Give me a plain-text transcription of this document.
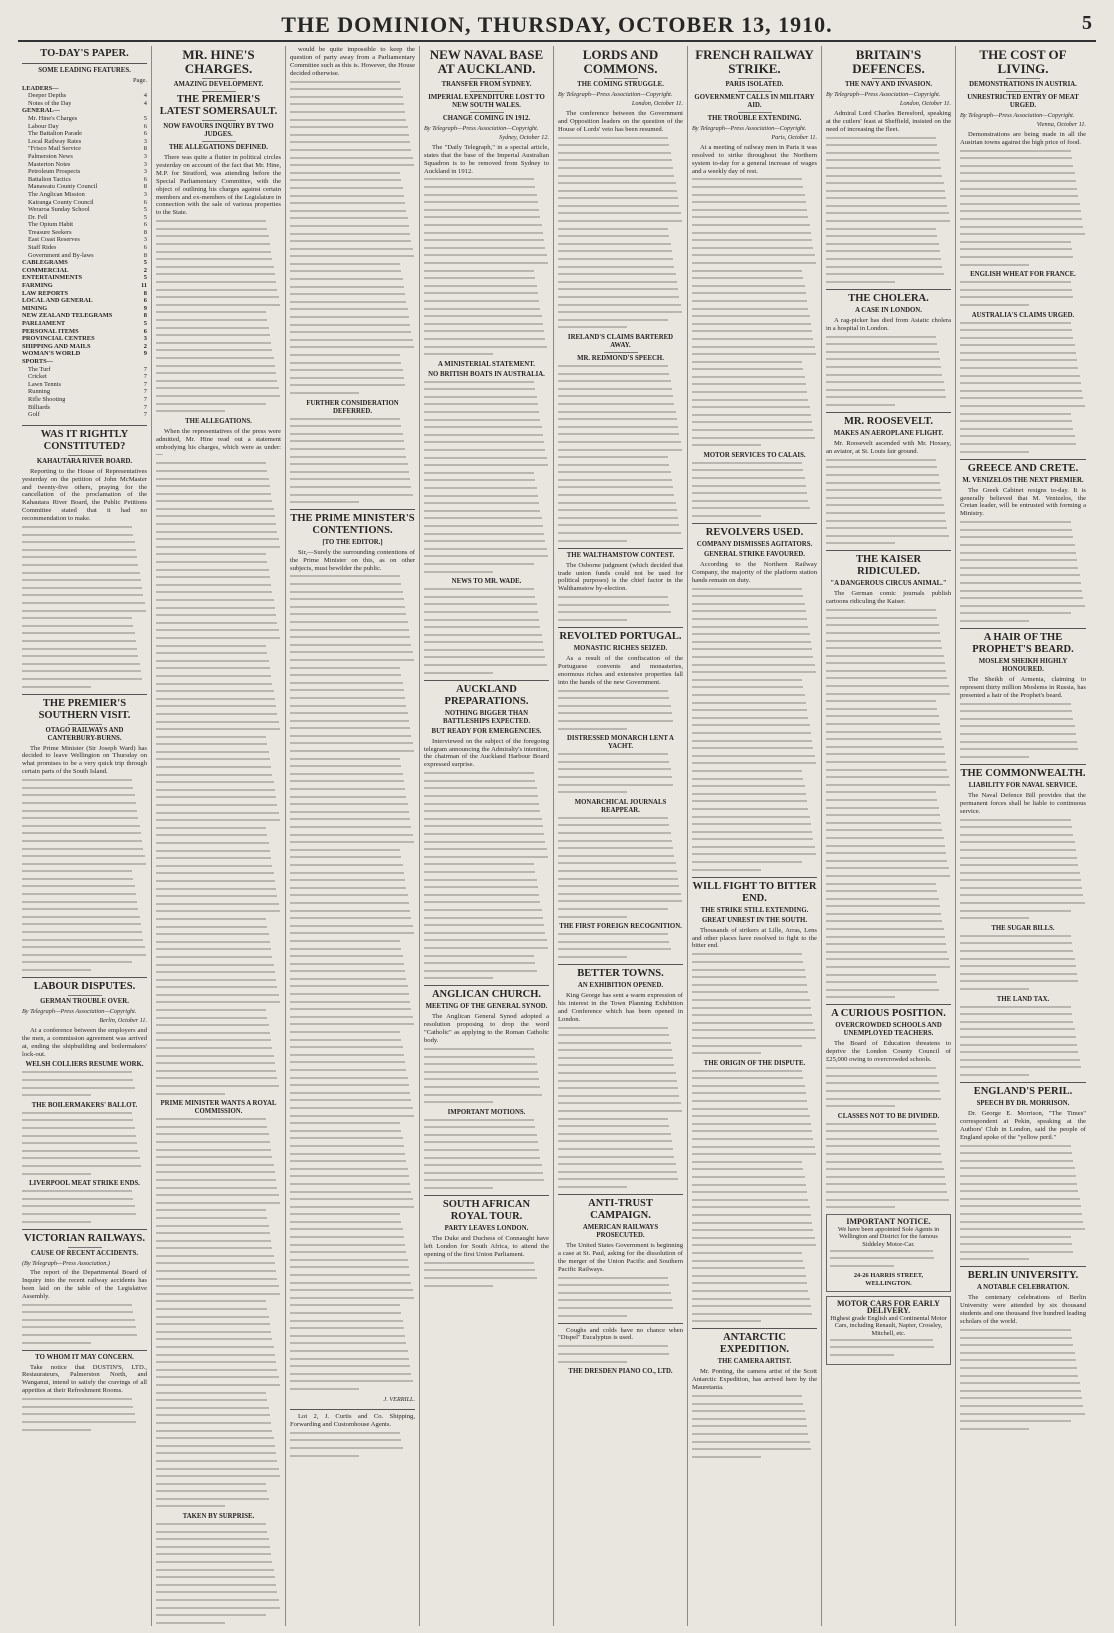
THE DOMINION, THURSDAY, OCTOBER 13, 1910.	5
TO-DAY'S PAPER.
SOME LEADING FEATURES.
Page.
LEADERS—
Deeper Depths	4
Notes of the Day	4
GENERAL—
Mr. Hine's Charges	5
Labour Day	6
The Battalion Parade	6
Local Railway Rates	3
"Frisco Mail Service	8
Palmerston News	3
Masterton Notes	3
Petroleum Prospects	3
Battalion Tactics	6
Manawatu County Council	8
The Anglican Mission	3
Kairanga County Council	6
Weraroa Sunday School	5
Dr. Fell	5
The Opium Habit	6
Treasure Seekers	8
East Coast Reserves	3
Staff Rides	6
Government and By-laws	8
CABLEGRAMS	5
COMMERCIAL	2
ENTERTAINMENTS	5
FARMING	11
LAW REPORTS	8
LOCAL AND GENERAL	6
MINING	9
NEW ZEALAND TELEGRAMS	8
PARLIAMENT	5
PERSONAL ITEMS	6
PROVINCIAL CENTRES	3
SHIPPING AND MAILS	2
WOMAN'S WORLD	9
SPORTS—
The Turf	7
Cricket	7
Lawn Tennis	7
Running	7
Rifle Shooting	7
Billiards	7
Golf	7
WAS IT RIGHTLY CONSTITUTED?
KAHAUTARA RIVER BOARD.
Reporting to the House of Representatives yesterday on the petition of John McMaster and twenty-five others, praying for the cancellation of the proclamation of the Kahautara River Board, the Public Petitions Committee stated that it had no recommendation to make.
THE PREMIER'S SOUTHERN VISIT.
OTAGO RAILWAYS AND CANTERBURY-BURNS.
The Prime Minister (Sir Joseph Ward) has decided to leave Wellington on Thursday on what promises to be a very quick trip through certain parts of the South Island.
LABOUR DISPUTES.
GERMAN TROUBLE OVER.
By Telegraph—Press Association—Copyright.
Berlin, October 11.
At a conference between the employers and the men, a commission agreement was arrived at, ending the shipbuilding and boilermakers' lock-out.
WELSH COLLIERS RESUME WORK.
THE BOILERMAKERS' BALLOT.
LIVERPOOL MEAT STRIKE ENDS.
VICTORIAN RAILWAYS.
CAUSE OF RECENT ACCIDENTS.
(By Telegraph—Press Association.)
The report of the Departmental Board of Inquiry into the recent railway accidents has been laid on the table of the Legislative Assembly.
TO WHOM IT MAY CONCERN.
Take notice that DUSTIN'S, LTD., Restaurateurs, Palmerston North, and Wanganui, intend to satisfy the cravings of all appetites at their Refreshment Rooms.
MR. HINE'S CHARGES.
AMAZING DEVELOPMENT.
THE PREMIER'S LATEST SOMERSAULT.
NOW FAVOURS INQUIRY BY TWO JUDGES.
THE ALLEGATIONS DEFINED.
There was quite a flutter in political circles yesterday on account of the fact that Mr. Hine, M.P. for Stratford, was attending before the Special Parliamentary Committee, with the object of outlining his charges against certain members and ex-members of the Legislature in connection with the sale of various properties to the State.
THE ALLEGATIONS.
When the representatives of the press were admitted, Mr. Hine read out a statement embodying his charges, which were as under:—
PRIME MINISTER WANTS A ROYAL COMMISSION.
TAKEN BY SURPRISE.
would be quite impossible to keep the question of party away from a Parliamentary Committee such as this is. However, the House decided otherwise.
FURTHER CONSIDERATION DEFERRED.
THE PRIME MINISTER'S CONTENTIONS.
[TO THE EDITOR.]
Sir,—Surely the surrounding contentions of the Prime Minister on this, as on other subjects, must bewilder the public.
J. VERRILL.
Lot 2, J. Curtis and Co. Shipping, Forwarding and Customhouse Agents.
NEW NAVAL BASE AT AUCKLAND.
TRANSFER FROM SYDNEY.
IMPERIAL EXPENDITURE LOST TO NEW SOUTH WALES.
CHANGE COMING IN 1912.
By Telegraph—Press Association—Copyright.
Sydney, October 12.
The "Daily Telegraph," in a special article, states that the base of the Imperial Australian Squadron is to be removed from Sydney to Auckland in 1912.
A MINISTERIAL STATEMENT.
NO BRITISH BOATS IN AUSTRALIA.
NEWS TO MR. WADE.
AUCKLAND PREPARATIONS.
NOTHING BIGGER THAN BATTLESHIPS EXPECTED.
BUT READY FOR EMERGENCIES.
Interviewed on the subject of the foregoing telegram announcing the Admiralty's intention, the chairman of the Auckland Harbour Board expressed surprise.
ANGLICAN CHURCH.
MEETING OF THE GENERAL SYNOD.
The Anglican General Synod adopted a resolution proposing to drop the word "Catholic" as applying to the Roman Catholic body.
IMPORTANT MOTIONS.
SOUTH AFRICAN ROYAL TOUR.
PARTY LEAVES LONDON.
The Duke and Duchess of Connaught have left London for South Africa, to attend the opening of the first Union Parliament.
LORDS AND COMMONS.
THE COMING STRUGGLE.
By Telegraph—Press Association—Copyright.
London, October 11.
The conference between the Government and Opposition leaders on the question of the House of Lords' veto has been resumed.
IRELAND'S CLAIMS BARTERED AWAY.
MR. REDMOND'S SPEECH.
THE WALTHAMSTOW CONTEST.
The Osborne judgment (which decided that trade union funds could not be used for political purposes) is the chief factor in the Walthamstow by-election.
REVOLTED PORTUGAL.
MONASTIC RICHES SEIZED.
As a result of the confiscation of the Portuguese convents and monasteries, enormous riches and extensive properties fall into the hands of the new Government.
DISTRESSED MONARCH LENT A YACHT.
MONARCHICAL JOURNALS REAPPEAR.
THE FIRST FOREIGN RECOGNITION.
BETTER TOWNS.
AN EXHIBITION OPENED.
King George has sent a warm expression of his interest in the Town Planning Exhibition and Conference which has been opened in London.
ANTI-TRUST CAMPAIGN.
AMERICAN RAILWAYS PROSECUTED.
The United States Government is beginning a case at St. Paul, asking for the dissolution of the merger of the Union Pacific and Southern Pacific Railways.
Coughs and colds have no chance when "Dispel" Eucalyptus is used.
THE DRESDEN PIANO CO., LTD.
FRENCH RAILWAY STRIKE.
PARIS ISOLATED.
GOVERNMENT CALLS IN MILITARY AID.
THE TROUBLE EXTENDING.
By Telegraph—Press Association—Copyright.
Paris, October 11.
At a meeting of railway men in Paris it was resolved to strike throughout the Northern system to-day for a general increase of wages and a weekly day of rest.
MOTOR SERVICES TO CALAIS.
REVOLVERS USED.
COMPANY DISMISSES AGITATORS.
GENERAL STRIKE FAVOURED.
According to the Northern Railway Company, the majority of the platform station hands remain on duty.
WILL FIGHT TO BITTER END.
THE STRIKE STILL EXTENDING.
GREAT UNREST IN THE SOUTH.
Thousands of strikers at Lille, Arras, Lens and other places have resolved to fight to the bitter end.
THE ORIGIN OF THE DISPUTE.
ANTARCTIC EXPEDITION.
THE CAMERA ARTIST.
Mr. Ponting, the camera artist of the Scott Antarctic Expedition, has arrived here by the Mauretania.
BRITAIN'S DEFENCES.
THE NAVY AND INVASION.
By Telegraph—Press Association—Copyright.
London, October 11.
Admiral Lord Charles Beresford, speaking at the cutlers' feast at Sheffield, insisted on the need of increasing the fleet.
THE CHOLERA.
A CASE IN LONDON.
A rag-picker has died from Asiatic cholera in a hospital in London.
MR. ROOSEVELT.
MAKES AN AEROPLANE FLIGHT.
Mr. Roosevelt ascended with Mr. Hoxsey, an aviator, at St. Louis fair ground.
THE KAISER RIDICULED.
"A DANGEROUS CIRCUS ANIMAL."
The German comic journals publish cartoons ridiculing the Kaiser.
A CURIOUS POSITION.
OVERCROWDED SCHOOLS AND UNEMPLOYED TEACHERS.
The Board of Education threatens to deprive the London County Council of £25,000 owing to overcrowded schools.
CLASSES NOT TO BE DIVIDED.
IMPORTANT NOTICE.
We have been appointed Sole Agents in Wellington and District for the famous Siddeley Motor-Car.
24-26 HARRIS STREET, WELLINGTON.
MOTOR CARS FOR EARLY DELIVERY.
Highest grade English and Continental Motor Cars, including Renault, Napier, Crossley, Mitchell, etc.
THE COST OF LIVING.
DEMONSTRATIONS IN AUSTRIA.
UNRESTRICTED ENTRY OF MEAT URGED.
By Telegraph—Press Association—Copyright.
Vienna, October 11.
Demonstrations are being made in all the Austrian towns against the high price of food.
ENGLISH WHEAT FOR FRANCE.
AUSTRALIA'S CLAIMS URGED.
GREECE AND CRETE.
M. VENIZELOS THE NEXT PREMIER.
The Greek Cabinet resigns to-day. It is generally believed that M. Venizelos, the Cretan leader, will be entrusted with forming a Ministry.
A HAIR OF THE PROPHET'S BEARD.
MOSLEM SHEIKH HIGHLY HONOURED.
The Sheikh of Armenia, claiming to represent thirty million Moslems in Russia, has presented a hair of the Prophet's beard.
THE COMMONWEALTH.
LIABILITY FOR NAVAL SERVICE.
The Naval Defence Bill provides that the permanent forces shall be liable to continuous service.
THE SUGAR BILLS.
THE LAND TAX.
ENGLAND'S PERIL.
SPEECH BY DR. MORRISON.
Dr. George E. Morrison, "The Times" correspondent at Pekin, speaking at the Authors' Club in London, said the people of England spoke of the "yellow peril."
BERLIN UNIVERSITY.
A NOTABLE CELEBRATION.
The centenary celebrations of Berlin University were attended by six thousand students and one thousand five hundred leading scholars of the world.
